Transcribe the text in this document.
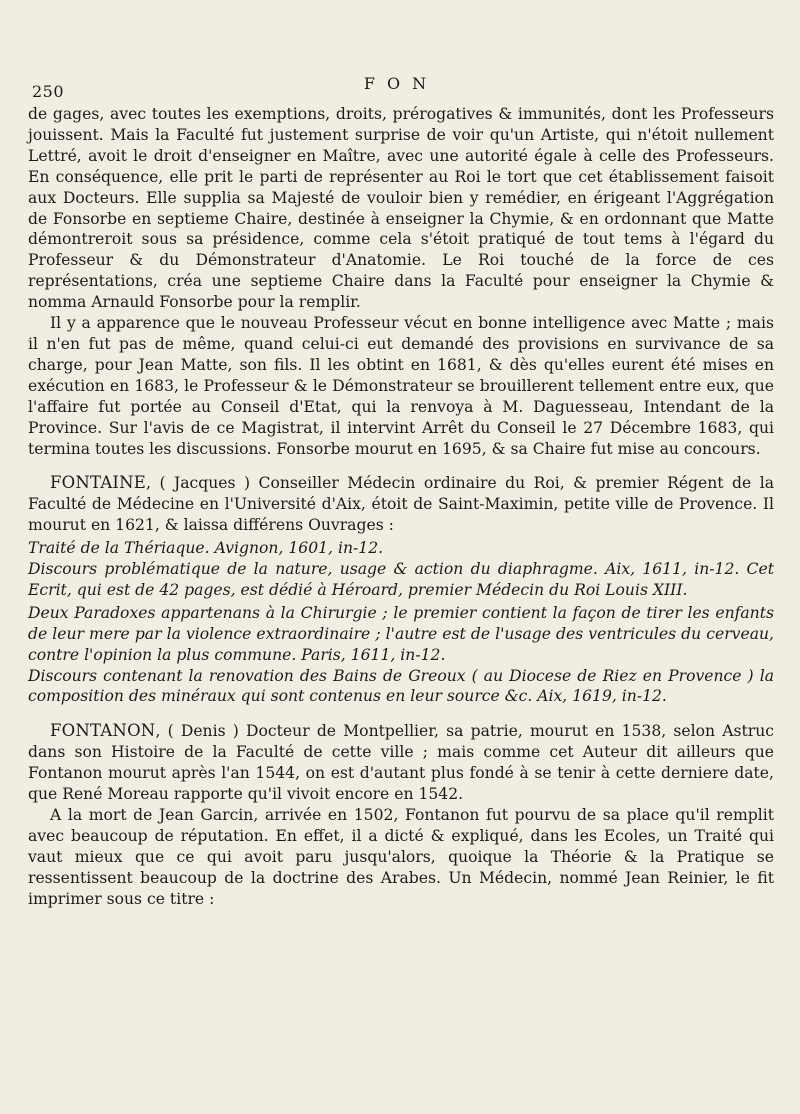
250	FON

de gages, avec toutes les exemptions, droits, prérogatives & immunités, dont les Professeurs jouissent. Mais la Faculté fut justement surprise de voir qu'un Artiste, qui n'étoit nullement Lettré, avoit le droit d'enseigner en Maître, avec une autorité égale à celle des Professeurs. En conséquence, elle prit le parti de représenter au Roi le tort que cet établissement faisoit aux Docteurs. Elle supplia sa Majesté de vouloir bien y remédier, en érigeant l'Aggrégation de Fonsorbe en septieme Chaire, destinée à enseigner la Chymie, & en ordonnant que Matte démontreroit sous sa présidence, comme cela s'étoit pratiqué de tout tems à l'égard du Professeur & du Démonstrateur d'Anatomie. Le Roi touché de la force de ces représentations, créa une septieme Chaire dans la Faculté pour enseigner la Chymie & nomma Arnauld Fonsorbe pour la remplir.

Il y a apparence que le nouveau Professeur vécut en bonne intelligence avec Matte ; mais il n'en fut pas de même, quand celui-ci eut demandé des provisions en survivance de sa charge, pour Jean Matte, son fils. Il les obtint en 1681, & dès qu'elles eurent été mises en exécution en 1683, le Professeur & le Démonstrateur se brouillerent tellement entre eux, que l'affaire fut portée au Conseil d'Etat, qui la renvoya à M. Daguesseau, Intendant de la Province. Sur l'avis de ce Magistrat, il intervint Arrêt du Conseil le 27 Décembre 1683, qui termina toutes les discussions. Fonsorbe mourut en 1695, & sa Chaire fut mise au concours.

FONTAINE, ( Jacques ) Conseiller Médecin ordinaire du Roi, & premier Régent de la Faculté de Médecine en l'Université d'Aix, étoit de Saint-Maximin, petite ville de Provence. Il mourut en 1621, & laissa différens Ouvrages :

Traité de la Thériaque. Avignon, 1601, in-12.

Discours problématique de la nature, usage & action du diaphragme. Aix, 1611, in-12. Cet Ecrit, qui est de 42 pages, est dédié à Héroard, premier Médecin du Roi Louis XIII.

Deux Paradoxes appartenans à la Chirurgie ; le premier contient la façon de tirer les enfants de leur mere par la violence extraordinaire ; l'autre est de l'usage des ventricules du cerveau, contre l'opinion la plus commune. Paris, 1611, in-12.

Discours contenant la renovation des Bains de Greoux ( au Diocese de Riez en Provence ) la composition des minéraux qui sont contenus en leur source &c. Aix, 1619, in-12.

FONTANON, ( Denis ) Docteur de Montpellier, sa patrie, mourut en 1538, selon Astruc dans son Histoire de la Faculté de cette ville ; mais comme cet Auteur dit ailleurs que Fontanon mourut après l'an 1544, on est d'autant plus fondé à se tenir à cette derniere date, que René Moreau rapporte qu'il vivoit encore en 1542.

A la mort de Jean Garcin, arrivée en 1502, Fontanon fut pourvu de sa place qu'il remplit avec beaucoup de réputation. En effet, il a dicté & expliqué, dans les Ecoles, un Traité qui vaut mieux que ce qui avoit paru jusqu'alors, quoique la Théorie & la Pratique se ressentissent beaucoup de la doctrine des Arabes. Un Médecin, nommé Jean Reinier, le fit imprimer sous ce titre :
